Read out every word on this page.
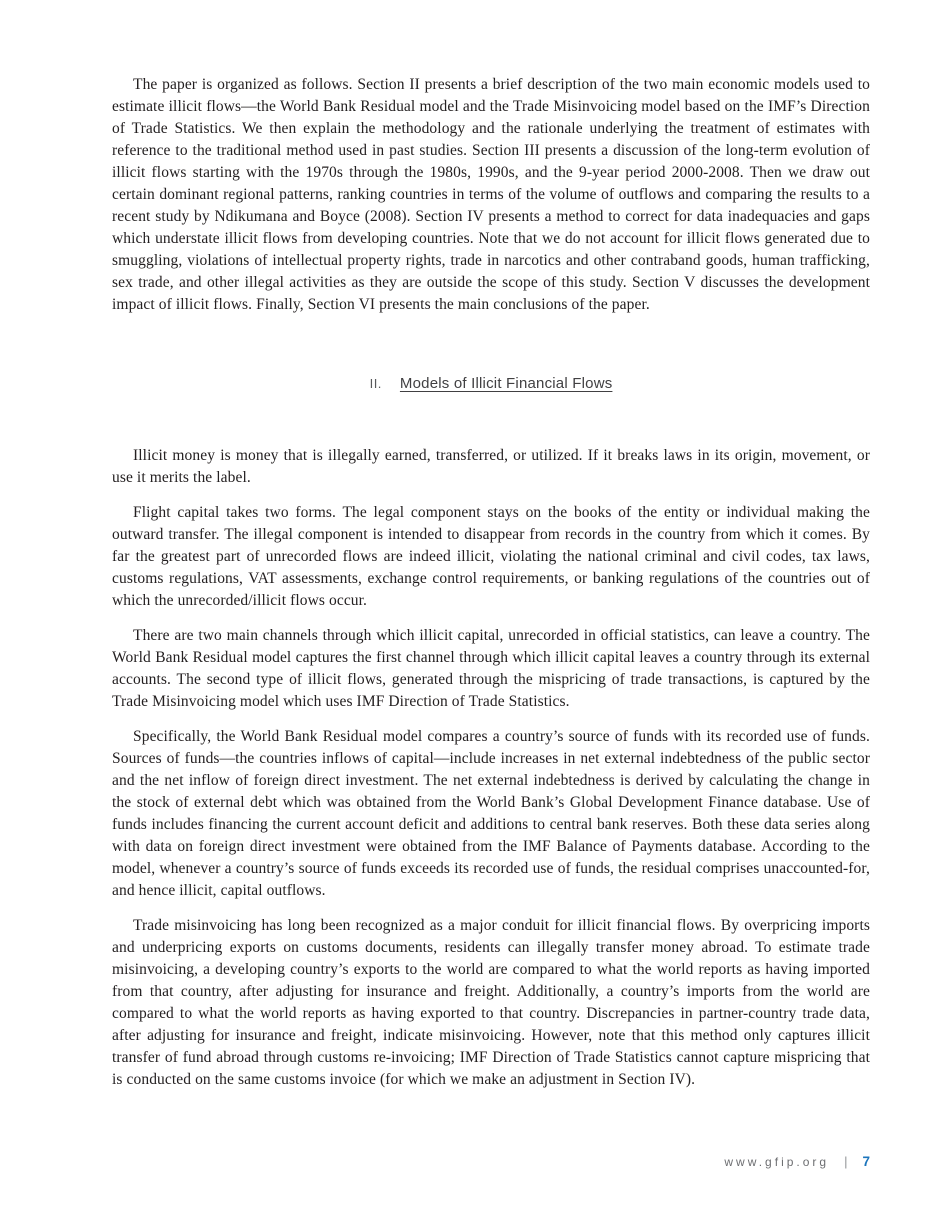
The paper is organized as follows. Section II presents a brief description of the two main economic models used to estimate illicit flows—the World Bank Residual model and the Trade Misinvoicing model based on the IMF’s Direction of Trade Statistics. We then explain the methodology and the rationale underlying the treatment of estimates with reference to the traditional method used in past studies. Section III presents a discussion of the long-term evolution of illicit flows starting with the 1970s through the 1980s, 1990s, and the 9-year period 2000-2008. Then we draw out certain dominant regional patterns, ranking countries in terms of the volume of outflows and comparing the results to a recent study by Ndikumana and Boyce (2008). Section IV presents a method to correct for data inadequacies and gaps which understate illicit flows from developing countries. Note that we do not account for illicit flows generated due to smuggling, violations of intellectual property rights, trade in narcotics and other contraband goods, human trafficking, sex trade, and other illegal activities as they are outside the scope of this study. Section V discusses the development impact of illicit flows. Finally, Section VI presents the main conclusions of the paper.

II. Models of Illicit Financial Flows

Illicit money is money that is illegally earned, transferred, or utilized. If it breaks laws in its origin, movement, or use it merits the label.

Flight capital takes two forms. The legal component stays on the books of the entity or individual making the outward transfer. The illegal component is intended to disappear from records in the country from which it comes. By far the greatest part of unrecorded flows are indeed illicit, violating the national criminal and civil codes, tax laws, customs regulations, VAT assessments, exchange control requirements, or banking regulations of the countries out of which the unrecorded/illicit flows occur.

There are two main channels through which illicit capital, unrecorded in official statistics, can leave a country. The World Bank Residual model captures the first channel through which illicit capital leaves a country through its external accounts. The second type of illicit flows, generated through the mispricing of trade transactions, is captured by the Trade Misinvoicing model which uses IMF Direction of Trade Statistics.

Specifically, the World Bank Residual model compares a country’s source of funds with its recorded use of funds. Sources of funds—the countries inflows of capital—include increases in net external indebtedness of the public sector and the net inflow of foreign direct investment. The net external indebtedness is derived by calculating the change in the stock of external debt which was obtained from the World Bank’s Global Development Finance database. Use of funds includes financing the current account deficit and additions to central bank reserves. Both these data series along with data on foreign direct investment were obtained from the IMF Balance of Payments database. According to the model, whenever a country’s source of funds exceeds its recorded use of funds, the residual comprises unaccounted-for, and hence illicit, capital outflows.

Trade misinvoicing has long been recognized as a major conduit for illicit financial flows. By overpricing imports and underpricing exports on customs documents, residents can illegally transfer money abroad. To estimate trade misinvoicing, a developing country’s exports to the world are compared to what the world reports as having imported from that country, after adjusting for insurance and freight. Additionally, a country’s imports from the world are compared to what the world reports as having exported to that country. Discrepancies in partner-country trade data, after adjusting for insurance and freight, indicate misinvoicing. However, note that this method only captures illicit transfer of fund abroad through customs re-invoicing; IMF Direction of Trade Statistics cannot capture mispricing that is conducted on the same customs invoice (for which we make an adjustment in Section IV).

www.gfip.org | 7
